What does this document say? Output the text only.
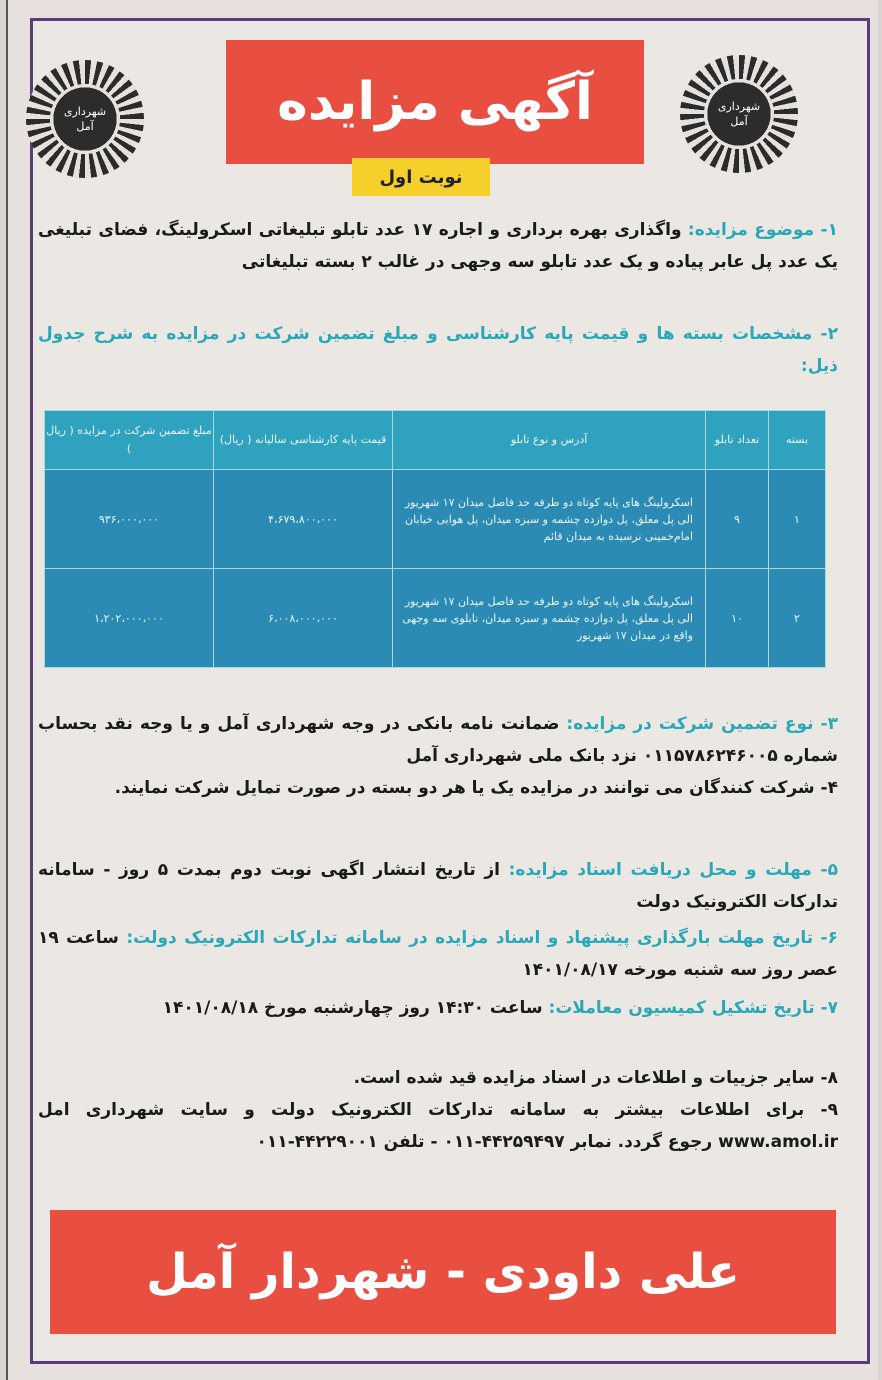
شهرداری آمل
شهرداری آمل
آگهی مزایده
نوبت اول
۱- موضوع مزایده: واگذاری بهره برداری و اجاره ۱۷ عدد تابلو تبلیغاتی اسکرولینگ، فضای تبلیغی یک عدد پل عابر پیاده و یک عدد تابلو سه وجهی در غالب ۲ بسته تبلیغاتی
۲- مشخصات بسته ها و قیمت پایه کارشناسی و مبلغ تضمین شرکت در مزایده به شرح جدول ذیل:
بسته	تعداد تابلو	آدرس و نوع تابلو	قیمت پایه کارشناسی سالیانه ( ریال)	مبلغ تضمین شرکت در مزایده ( ریال )
۱	۹	اسکرولینگ های پایه کوتاه دو طرفه حد فاصل میدان ۱۷ شهریور الی پل معلق، پل دوازده چشمه و سبزه میدان، پل هوایی خیابان امام‌خمینی نرسیده به میدان قائم	۴،۶۷۹،۸۰۰،۰۰۰	۹۳۶،۰۰۰،۰۰۰
۲	۱۰	اسکرولینگ های پایه کوتاه دو طرفه حد فاصل میدان ۱۷ شهریور الی پل معلق، پل دوازده چشمه و سبزه میدان، تابلوی سه وجهی واقع در میدان ۱۷ شهریور	۶،۰۰۸،۰۰۰،۰۰۰	۱،۲۰۲،۰۰۰،۰۰۰
۳- نوع تضمین شرکت در مزایده: ضمانت نامه بانکی در وجه شهرداری آمل و یا وجه نقد بحساب شماره ۰۱۱۵۷۸۶۲۴۶۰۰۵ نزد بانک ملی شهرداری آمل
۴- شرکت کنندگان می توانند در مزایده یک یا هر دو بسته در صورت تمایل شرکت نمایند.
۵- مهلت و محل دریافت اسناد مزایده: از تاریخ انتشار اگهی نوبت دوم بمدت ۵ روز - سامانه تدارکات الکترونیک دولت
۶- تاریخ مهلت بارگذاری پیشنهاد و اسناد مزایده در سامانه تدارکات الکترونیک دولت: ساعت ۱۹ عصر روز سه شنبه مورخه ۱۴۰۱/۰۸/۱۷
۷- تاریخ تشکیل کمیسیون معاملات: ساعت ۱۴:۳۰ روز چهارشنبه مورخ ۱۴۰۱/۰۸/۱۸
۸- سایر جزییات و اطلاعات در اسناد مزایده قید شده است.
۹- برای اطلاعات بیشتر به سامانه تدارکات الکترونیک دولت و سایت شهرداری امل www.amol.ir رجوع گردد. نمابر ۴۴۲۵۹۴۹۷-۰۱۱ - تلفن ۴۴۲۲۹۰۰۱-۰۱۱
علی داودی - شهردار آمل
